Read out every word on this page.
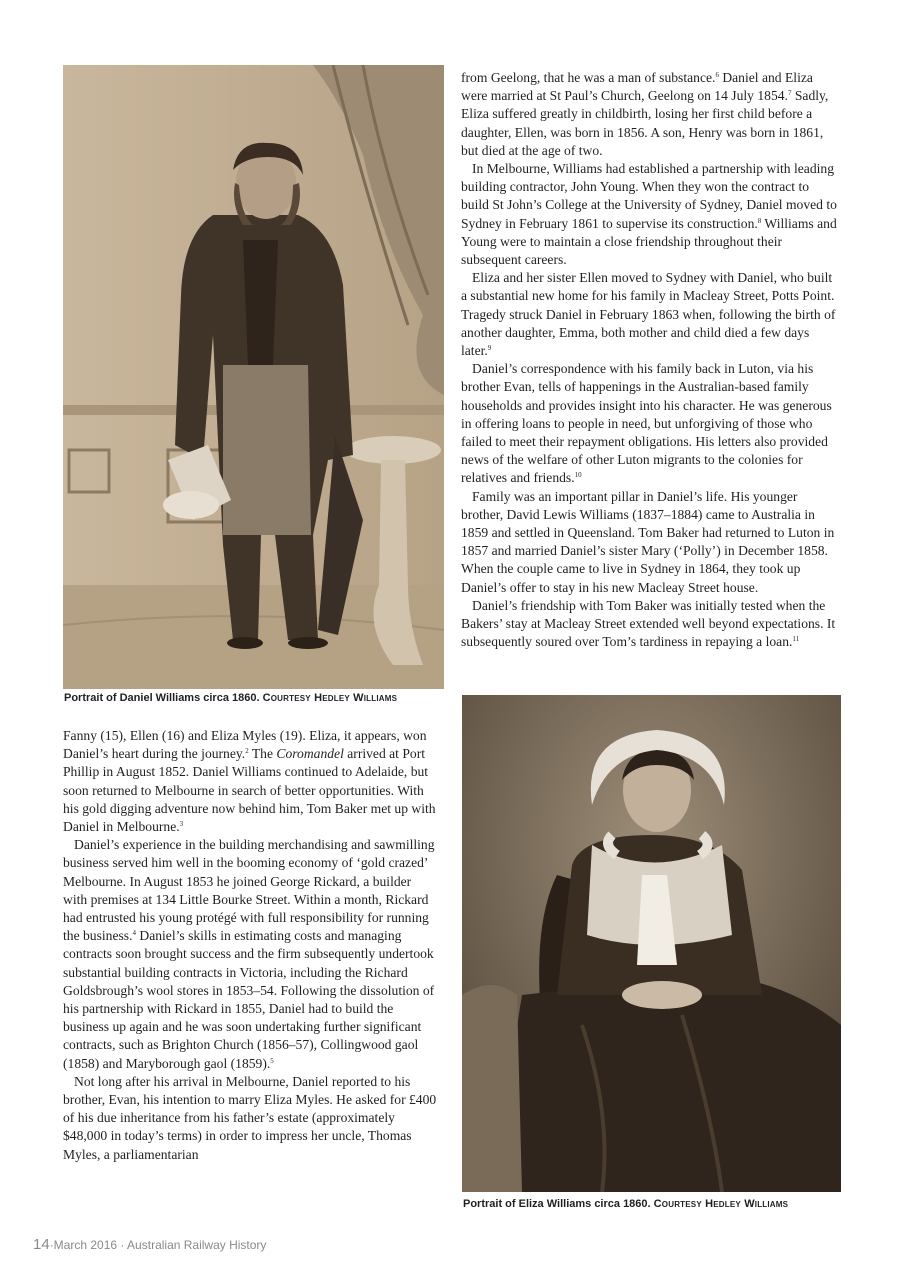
Portrait of Daniel Williams circa 1860. Courtesy Hedley Williams

from Geelong, that he was a man of substance.$^6$ Daniel and Eliza were married at St Paul’s Church, Geelong on 14 July 1854.$^7$ Sadly, Eliza suffered greatly in childbirth, losing her first child before a daughter, Ellen, was born in 1856. A son, Henry was born in 1861, but died at the age of two.

In Melbourne, Williams had established a partnership with leading building contractor, John Young. When they won the contract to build St John’s College at the University of Sydney, Daniel moved to Sydney in February 1861 to supervise its construction.$^8$ Williams and Young were to maintain a close friendship throughout their subsequent careers.

Eliza and her sister Ellen moved to Sydney with Daniel, who built a substantial new home for his family in Macleay Street, Potts Point. Tragedy struck Daniel in February 1863 when, following the birth of another daughter, Emma, both mother and child died a few days later.$^9$

Daniel’s correspondence with his family back in Luton, via his brother Evan, tells of happenings in the Australian-based family households and provides insight into his character. He was generous in offering loans to people in need, but unforgiving of those who failed to meet their repayment obligations. His letters also provided news of the welfare of other Luton migrants to the colonies for relatives and friends.$^{10}$

Family was an important pillar in Daniel’s life. His younger brother, David Lewis Williams (1837–1884) came to Australia in 1859 and settled in Queensland. Tom Baker had returned to Luton in 1857 and married Daniel’s sister Mary (‘Polly’) in December 1858. When the couple came to live in Sydney in 1864, they took up Daniel’s offer to stay in his new Macleay Street house.

Daniel’s friendship with Tom Baker was initially tested when the Bakers’ stay at Macleay Street extended well beyond expectations. It subsequently soured over Tom’s tardiness in repaying a loan.$^{11}$

Portrait of Eliza Williams circa 1860. Courtesy Hedley Williams

Fanny (15), Ellen (16) and Eliza Myles (19). Eliza, it appears, won Daniel’s heart during the journey.$^2$ The Coromandel arrived at Port Phillip in August 1852. Daniel Williams continued to Adelaide, but soon returned to Melbourne in search of better opportunities. With his gold digging adventure now behind him, Tom Baker met up with Daniel in Melbourne.$^3$

Daniel’s experience in the building merchandising and sawmilling business served him well in the booming economy of ‘gold crazed’ Melbourne. In August 1853 he joined George Rickard, a builder with premises at 134 Little Bourke Street. Within a month, Rickard had entrusted his young protégé with full responsibility for running the business.$^4$ Daniel’s skills in estimating costs and managing contracts soon brought success and the firm subsequently undertook substantial building contracts in Victoria, including the Richard Goldsbrough’s wool stores in 1853–54. Following the dissolution of his partnership with Rickard in 1855, Daniel had to build the business up again and he was soon undertaking further significant contracts, such as Brighton Church (1856–57), Collingwood gaol (1858) and Maryborough gaol (1859).$^5$

Not long after his arrival in Melbourne, Daniel reported to his brother, Evan, his intention to marry Eliza Myles. He asked for £400 of his due inheritance from his father’s estate (approximately $48,000 in today’s terms) in order to impress her uncle, Thomas Myles, a parliamentarian

14·March 2016 · Australian Railway History
